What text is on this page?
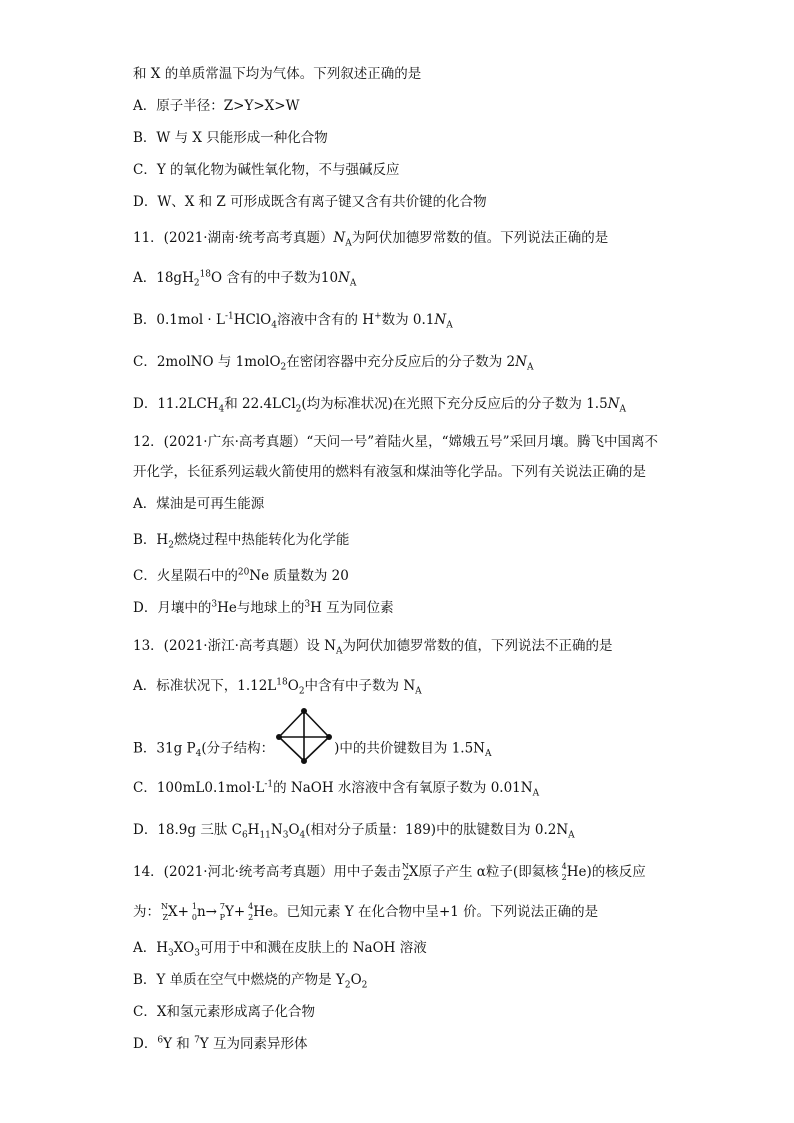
和 X 的单质常温下均为气体。下列叙述正确的是
A．原子半径：Z>Y>X>W
B．W 与 X 只能形成一种化合物
C．Y 的氧化物为碱性氧化物，不与强碱反应
D．W、X 和 Z 可形成既含有离子键又含有共价键的化合物
11．(2021·湖南·统考高考真题）$N_A$为阿伏加德罗常数的值。下列说法正确的是
A．$18gH_2^{18}O$ 含有的中子数为$10N_A$
B．$0.1mol \cdot L^{-1}HClO_4$溶液中含有的 H+数为 $0.1N_A$
C．2molNO 与 1molO$_2$在密闭容器中充分反应后的分子数为 $2N_A$
D．$11.2LCH_4$和 22.4LCl$_2$(均为标准状况)在光照下充分反应后的分子数为 $1.5N_A$
12．(2021·广东·高考真题）“天问一号”着陆火星，“嫦娥五号”采回月壤。腾飞中国离不
开化学，长征系列运载火箭使用的燃料有液氢和煤油等化学品。下列有关说法正确的是
A．煤油是可再生能源
B．$H_2$燃烧过程中热能转化为化学能
C．火星陨石中的$^{20}$Ne 质量数为 20
D．月壤中的$^3$He与地球上的$^3$H 互为同位素
13．(2021·浙江·高考真题）设 $N_A$为阿伏加德罗常数的值，下列说法不正确的是
A．标准状况下，$1.12L^{18}O_2$中含有中子数为 $N_A$
B．31g $P_4$(分子结构：	)中的共价键数目为 $1.5N_A$
C．$100mL0.1mol\cdot L^{-1}$的 NaOH 水溶液中含有氧原子数为 $0.01N_A$
D．18.9g 三肽 $C_6H_{11}N_3O_4$(相对分子质量：189)中的肽键数目为 $0.2N_A$
14．(2021·河北·统考高考真题）用中子轰击 N
Z X原子产生 α粒子(即氦核 4
2 He)的核反应
为： N
Z X+ 1
0 n→ 7
P Y+ 4
2 He。已知元素 Y 在化合物中呈+1 价。下列说法正确的是
A．$H_3XO_3$可用于中和溅在皮肤上的 NaOH 溶液
B．Y 单质在空气中燃烧的产物是 $Y_2O_2$
C．X和氢元素形成离子化合物
D．$^6$Y 和 $^7$Y 互为同素异形体
